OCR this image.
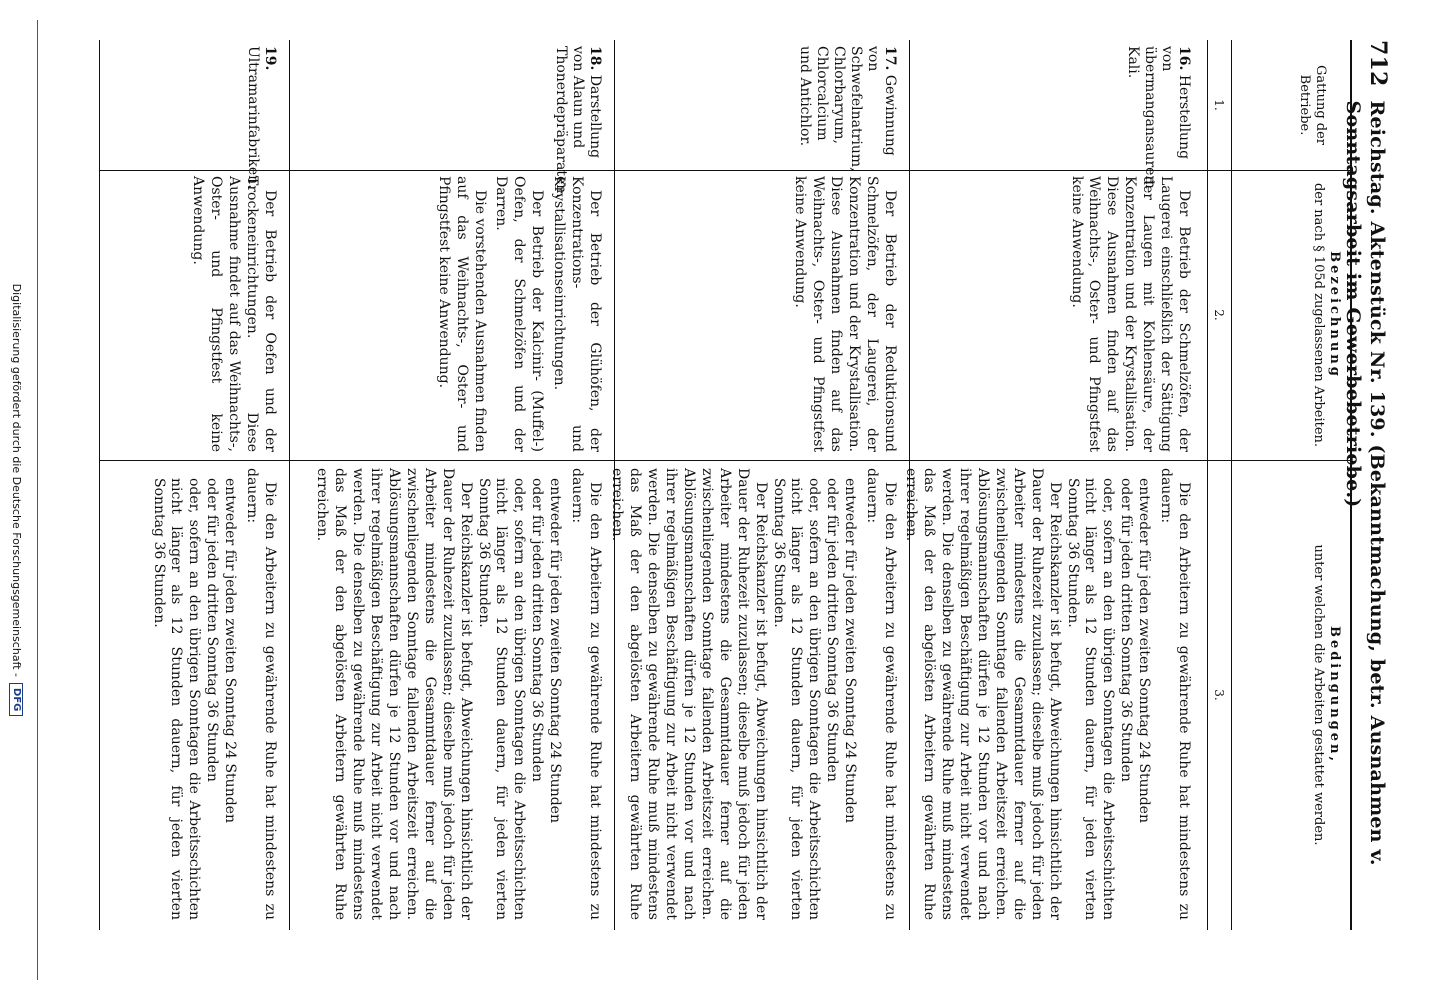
712
Reichstag. Aktenstück Nr. 139. (Bekanntmachung, betr. Ausnahmen v. Sonntagsarbeit im Gewerbebetriebe.)
Gattung der Betriebe.
Bezeichnung
der nach § 105d zugelassenen Arbeiten.
Bedingungen,
unter welchen die Arbeiten gestattet werden.
1.
2.
3.
16. Herstellung von übermangansaurem Kali.

Der Betrieb der Schmelzöfen, der Laugerei einschließlich der Sättigung der Laugen mit Kohlensäure, der Konzentration und der Krystallisation. Diese Ausnahmen finden auf das Weihnachts-, Oster- und Pfingstfest keine Anwendung.

Die den Arbeitern zu gewährende Ruhe hat mindestens zu dauern:

entweder für jeden zweiten Sonntag 24 Stunden
oder für jeden dritten Sonntag 36 Stunden
oder, sofern an den übrigen Sonntagen die Arbeitsschichten nicht länger als 12 Stunden dauern, für jeden vierten Sonntag 36 Stunden.

Der Reichskanzler ist befugt, Abweichungen hinsichtlich der Dauer der Ruhezeit zuzulassen; dieselbe muß jedoch für jeden Arbeiter mindestens die Gesammtdauer ferner auf die zwischenliegenden Sonntage fallenden Arbeitszeit erreichen. Ablösungsmannschaften dürfen je 12 Stunden vor und nach ihrer regelmäßigen Beschäftigung zur Arbeit nicht verwendet werden. Die denselben zu gewährende Ruhe muß mindestens das Maß der den abgelösten Arbeitern gewährten Ruhe erreichen.

17. Gewinnung von Schwefelnatrium, Chlorbaryum, Chlorcalcium und Antichlor.

Der Betrieb der Reduktionsund Schmelzöfen, der Laugerei, der Konzentration und der Krystallisation. Diese Ausnahmen finden auf das Weihnachts-, Oster- und Pfingstfest keine Anwendung.

Die den Arbeitern zu gewährende Ruhe hat mindestens zu dauern:

entweder für jeden zweiten Sonntag 24 Stunden
oder für jeden dritten Sonntag 36 Stunden
oder, sofern an den übrigen Sonntagen die Arbeitsschichten nicht länger als 12 Stunden dauern, für jeden vierten Sonntag 36 Stunden.

Der Reichskanzler ist befugt, Abweichungen hinsichtlich der Dauer der Ruhezeit zuzulassen; dieselbe muß jedoch für jeden Arbeiter mindestens die Gesammtdauer ferner auf die zwischenliegenden Sonntage fallenden Arbeitszeit erreichen. Ablösungsmannschaften dürfen je 12 Stunden vor und nach ihrer regelmäßigen Beschäftigung zur Arbeit nicht verwendet werden. Die denselben zu gewährende Ruhe muß mindestens das Maß der den abgelösten Arbeitern gewährten Ruhe erreichen.

18. Darstellung von Alaun und Thonerdepräparaten.

Der Betrieb der Glühöfen, der Konzentrations- und Krystallisationseinrichtungen.

Der Betrieb der Kalcinir- (Muffel-) Oefen, der Schmelzöfen und der Darren.

Die vorstehenden Ausnahmen finden auf das Weihnachts-, Oster- und Pfingstfest keine Anwendung.

Die den Arbeitern zu gewährende Ruhe hat mindestens zu dauern:

entweder für jeden zweiten Sonntag 24 Stunden
oder für jeden dritten Sonntag 36 Stunden
oder, sofern an den übrigen Sonntagen die Arbeitsschichten nicht länger als 12 Stunden dauern, für jeden vierten Sonntag 36 Stunden.

Der Reichskanzler ist befugt, Abweichungen hinsichtlich der Dauer der Ruhezeit zuzulassen; dieselbe muß jedoch für jeden Arbeiter mindestens die Gesammtdauer ferner auf die zwischenliegenden Sonntage fallenden Arbeitszeit erreichen. Ablösungsmannschaften dürfen je 12 Stunden vor und nach ihrer regelmäßigen Beschäftigung zur Arbeit nicht verwendet werden. Die denselben zu gewährende Ruhe muß mindestens das Maß der den abgelösten Arbeitern gewährten Ruhe erreichen.

19. Ultramarinfabriken.

Der Betrieb der Oefen und der Trockeneinrichtungen. Diese Ausnahme findet auf das Weihnachts-, Oster- und Pfingstfest keine Anwendung.

Die den Arbeitern zu gewährende Ruhe hat mindestens zu dauern:

entweder für jeden zweiten Sonntag 24 Stunden
oder für jeden dritten Sonntag 36 Stunden
oder, sofern an den übrigen Sonntagen die Arbeitsschichten nicht länger als 12 Stunden dauern, für jeden vierten Sonntag 36 Stunden.
Digitalisierung gefördert durch die Deutsche Forschungsgemeinschaft -
DFG
